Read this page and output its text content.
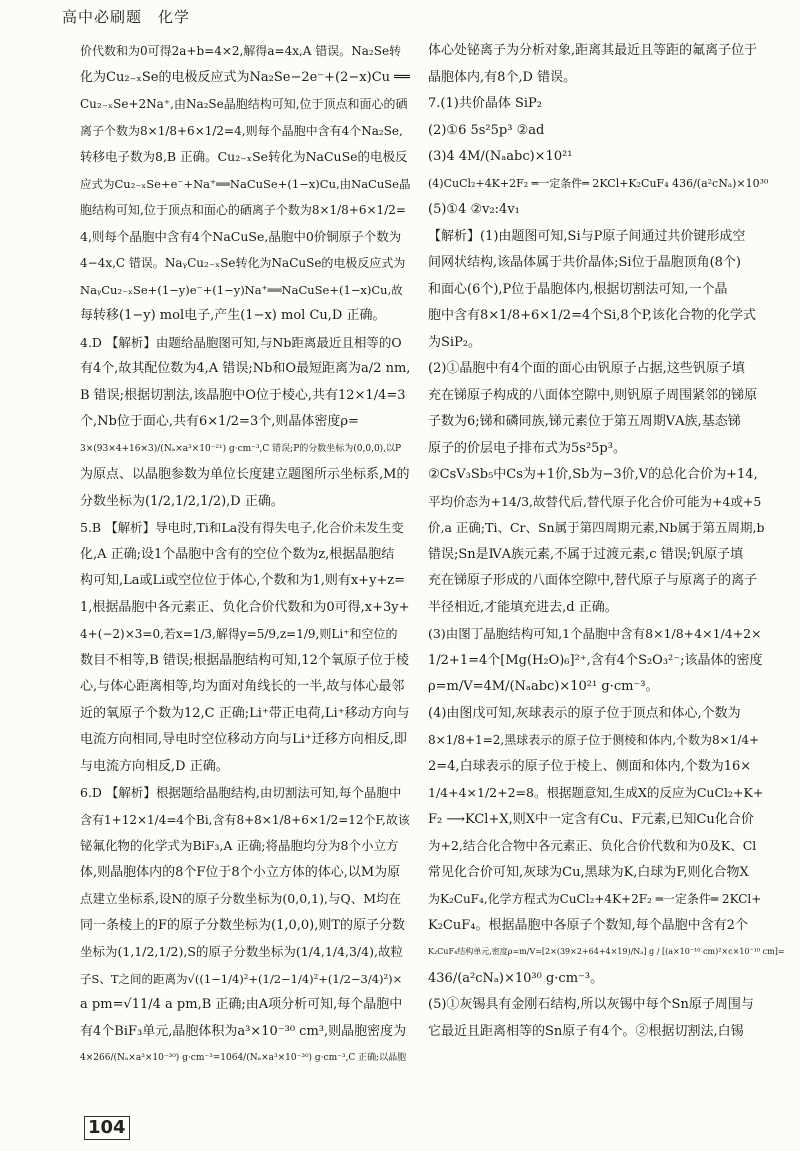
高中必刷题 化学
价代数和为0可得2a+b=4×2,解得a=4x,A 错误。Na₂Se转
化为Cu₂₋ₓSe的电极反应式为Na₂Se−2e⁻+(2−x)Cu ══
Cu₂₋ₓSe+2Na⁺,由Na₂Se晶胞结构可知,位于顶点和面心的硒
离子个数为8×1/8+6×1/2=4,则每个晶胞中含有4个Na₂Se,
转移电子数为8,B 正确。Cu₂₋ₓSe转化为NaCuSe的电极反
应式为Cu₂₋ₓSe+e⁻+Na⁺══NaCuSe+(1−x)Cu,由NaCuSe晶
胞结构可知,位于顶点和面心的硒离子个数为8×1/8+6×1/2=
4,则每个晶胞中含有4个NaCuSe,晶胞中0价铜原子个数为
4−4x,C 错误。NaᵧCu₂₋ₓSe转化为NaCuSe的电极反应式为
NaᵧCu₂₋ₓSe+(1−y)e⁻+(1−y)Na⁺══NaCuSe+(1−x)Cu,故
每转移(1−y) mol电子,产生(1−x) mol Cu,D 正确。
4.D 【解析】由题给晶胞图可知,与Nb距离最近且相等的O
有4个,故其配位数为4,A 错误;Nb和O最短距离为a/2 nm,
B 错误;根据切割法,该晶胞中O位于棱心,共有12×1/4=3
个,Nb位于面心,共有6×1/2=3个,则晶体密度ρ=
3×(93×4+16×3)/(Nₐ×a³×10⁻²¹) g·cm⁻³,C 错误;P的分数坐标为(0,0,0),以P
为原点、以晶胞参数为单位长度建立题图所示坐标系,M的
分数坐标为(1/2,1/2,1/2),D 正确。
5.B 【解析】导电时,Ti和La没有得失电子,化合价未发生变
化,A 正确;设1个晶胞中含有的空位个数为z,根据晶胞结
构可知,La或Li或空位位于体心,个数和为1,则有x+y+z=
1,根据晶胞中各元素正、负化合价代数和为0可得,x+3y+
4+(−2)×3=0,若x=1/3,解得y=5/9,z=1/9,则Li⁺和空位的
数目不相等,B 错误;根据晶胞结构可知,12个氧原子位于棱
心,与体心距离相等,均为面对角线长的一半,故与体心最邻
近的氧原子个数为12,C 正确;Li⁺带正电荷,Li⁺移动方向与
电流方向相同,导电时空位移动方向与Li⁺迁移方向相反,即
与电流方向相反,D 正确。
6.D 【解析】根据题给晶胞结构,由切割法可知,每个晶胞中
含有1+12×1/4=4个Bi,含有8+8×1/8+6×1/2=12个F,故该
铋氟化物的化学式为BiF₃,A 正确;将晶胞均分为8个小立方
体,则晶胞体内的8个F位于8个小立方体的体心,以M为原
点建立坐标系,设N的原子分数坐标为(0,0,1),与Q、M均在
同一条棱上的F的原子分数坐标为(1,0,0),则T的原子分数
坐标为(1,1/2,1/2),S的原子分数坐标为(1/4,1/4,3/4),故粒
子S、T之间的距离为√((1−1/4)²+(1/2−1/4)²+(1/2−3/4)²)×
a pm=√11/4 a pm,B 正确;由A项分析可知,每个晶胞中
有4个BiF₃单元,晶胞体积为a³×10⁻³⁰ cm³,则晶胞密度为
4×266/(Nₐ×a³×10⁻³⁰) g·cm⁻³=1064/(Nₐ×a³×10⁻³⁰) g·cm⁻³,C 正确;以晶胞
体心处铋离子为分析对象,距离其最近且等距的氟离子位于
晶胞体内,有8个,D 错误。
7.(1)共价晶体 SiP₂
(2)①6 5s²5p³ ②ad
(3)4 4M/(Nₐabc)×10²¹
(4)CuCl₂+4K+2F₂ ═一定条件═ 2KCl+K₂CuF₄ 436/(a²cNₐ)×10³⁰
(5)①4 ②v₂:4v₁
【解析】(1)由题图可知,Si与P原子间通过共价键形成空
间网状结构,该晶体属于共价晶体;Si位于晶胞顶角(8个)
和面心(6个),P位于晶胞体内,根据切割法可知,一个晶
胞中含有8×1/8+6×1/2=4个Si,8个P,该化合物的化学式
为SiP₂。
(2)①晶胞中有4个面的面心由钒原子占据,这些钒原子填
充在锑原子构成的八面体空隙中,则钒原子周围紧邻的锑原
子数为6;锑和磷同族,锑元素位于第五周期ⅤA族,基态锑
原子的价层电子排布式为5s²5p³。
②CsV₃Sb₅中Cs为+1价,Sb为−3价,V的总化合价为+14,
平均价态为+14/3,故替代后,替代原子化合价可能为+4或+5
价,a 正确;Ti、Cr、Sn属于第四周期元素,Nb属于第五周期,b
错误;Sn是ⅣA族元素,不属于过渡元素,c 错误;钒原子填
充在锑原子形成的八面体空隙中,替代原子与原离子的离子
半径相近,才能填充进去,d 正确。
(3)由图丁晶胞结构可知,1个晶胞中含有8×1/8+4×1/4+2×
1/2+1=4个[Mg(H₂O)₆]²⁺,含有4个S₂O₃²⁻;该晶体的密度
ρ=m/V=4M/(Nₐabc)×10²¹ g·cm⁻³。
(4)由图戊可知,灰球表示的原子位于顶点和体心,个数为
8×1/8+1=2,黑球表示的原子位于侧棱和体内,个数为8×1/4+
2=4,白球表示的原子位于棱上、侧面和体内,个数为16×
1/4+4×1/2+2=8。根据题意知,生成X的反应为CuCl₂+K+
F₂ ⟶KCl+X,则X中一定含有Cu、F元素,已知Cu化合价
为+2,结合化合物中各元素正、负化合价代数和为0及K、Cl
常见化合价可知,灰球为Cu,黑球为K,白球为F,则化合物X
为K₂CuF₄,化学方程式为CuCl₂+4K+2F₂ ═一定条件═ 2KCl+
K₂CuF₄。根据晶胞中各原子个数知,每个晶胞中含有2个
K₂CuF₄结构单元,密度ρ=m/V=[2×(39×2+64+4×19)/Nₐ] g / [(a×10⁻¹⁰ cm)²×c×10⁻¹⁰ cm]=
436/(a²cNₐ)×10³⁰ g·cm⁻³。
(5)①灰锡具有金刚石结构,所以灰锡中每个Sn原子周围与
它最近且距离相等的Sn原子有4个。②根据切割法,白锡
104
